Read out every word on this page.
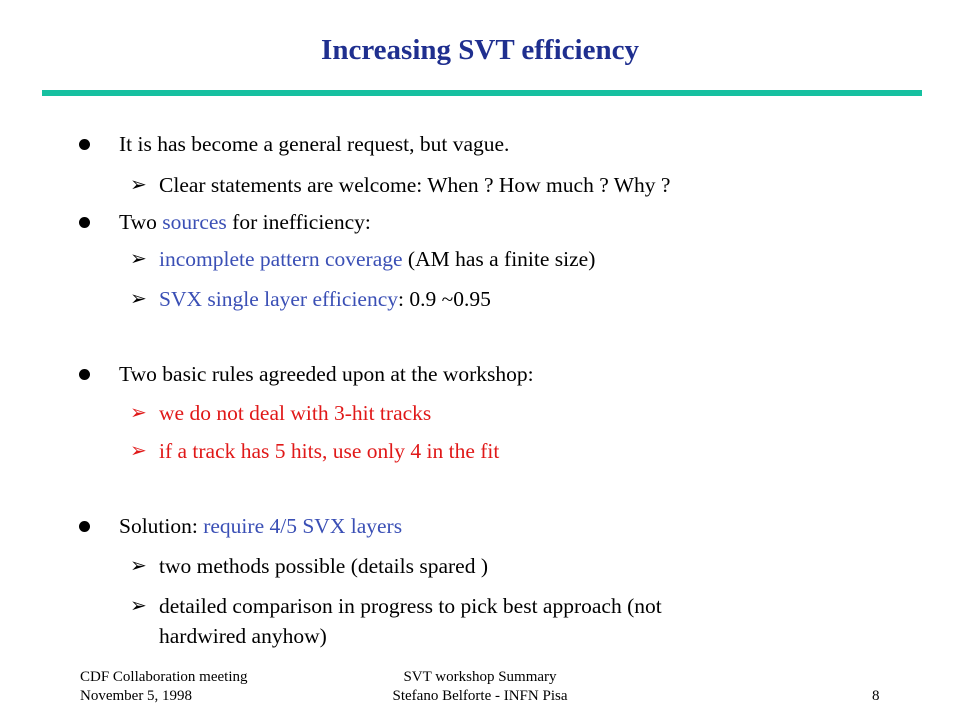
Increasing SVT efficiency
It is has become a general request, but vague.
➢ Clear statements are welcome: When ? How much ? Why ?
Two sources for inefficiency:
➢ incomplete pattern coverage (AM has a finite size)
➢ SVX single layer efficiency: 0.9 ~0.95
Two basic rules agreeded upon at the workshop:
➢ we do not deal with 3-hit tracks
➢ if a track has 5 hits, use only 4 in the fit
Solution: require 4/5 SVX layers
➢ two methods possible (details spared )
➢ detailed comparison in progress to pick best approach (not
hardwired anyhow)
CDF Collaboration meeting
November 5, 1998
SVT workshop Summary
Stefano Belforte - INFN Pisa	8
